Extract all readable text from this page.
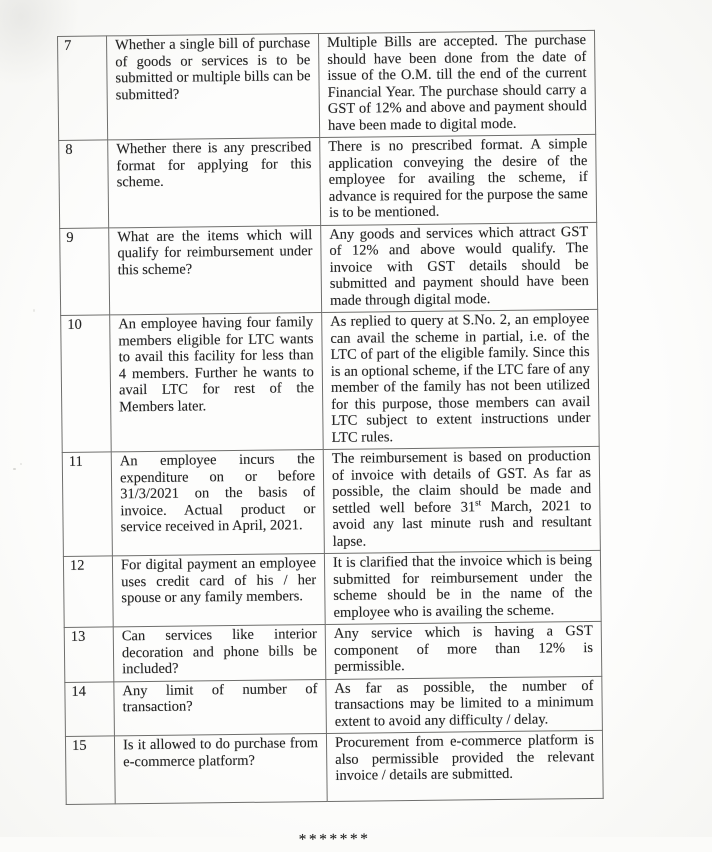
7	Whether a single bill of purchase of goods or services is to be submitted or multiple bills can be submitted?	Multiple Bills are accepted. The purchase should have been done from the date of issue of the O.M. till the end of the current Financial Year. The purchase should carry a GST of 12% and above and payment should have been made to digital mode.
8	Whether there is any prescribed format for applying for this scheme.	There is no prescribed format. A simple application conveying the desire of the employee for availing the scheme, if advance is required for the purpose the same is to be mentioned.
9	What are the items which will qualify for reimbursement under this scheme?	Any goods and services which attract GST of 12% and above would qualify. The invoice with GST details should be submitted and payment should have been made through digital mode.
10	An employee having four family members eligible for LTC wants to avail this facility for less than 4 members. Further he wants to avail LTC for rest of the Members later.	As replied to query at S.No. 2, an employee can avail the scheme in partial, i.e. of the LTC of part of the eligible family. Since this is an optional scheme, if the LTC fare of any member of the family has not been utilized for this purpose, those members can avail LTC subject to extent instructions under LTC rules.
11	An employee incurs the expenditure on or before 31/3/2021 on the basis of invoice. Actual product or service received in April, 2021.	The reimbursement is based on production of invoice with details of GST. As far as possible, the claim should be made and settled well before 31st March, 2021 to avoid any last minute rush and resultant lapse.
12	For digital payment an employee uses credit card of his / her spouse or any family members.	It is clarified that the invoice which is being submitted for reimbursement under the scheme should be in the name of the employee who is availing the scheme.
13	Can services like interior decoration and phone bills be included?	Any service which is having a GST component of more than 12% is permissible.
14	Any limit of number of transaction?	As far as possible, the number of transactions may be limited to a minimum extent to avoid any difficulty / delay.
15	Is it allowed to do purchase from e-commerce platform?	Procurement from e-commerce platform is also permissible provided the relevant invoice / details are submitted.
*******
